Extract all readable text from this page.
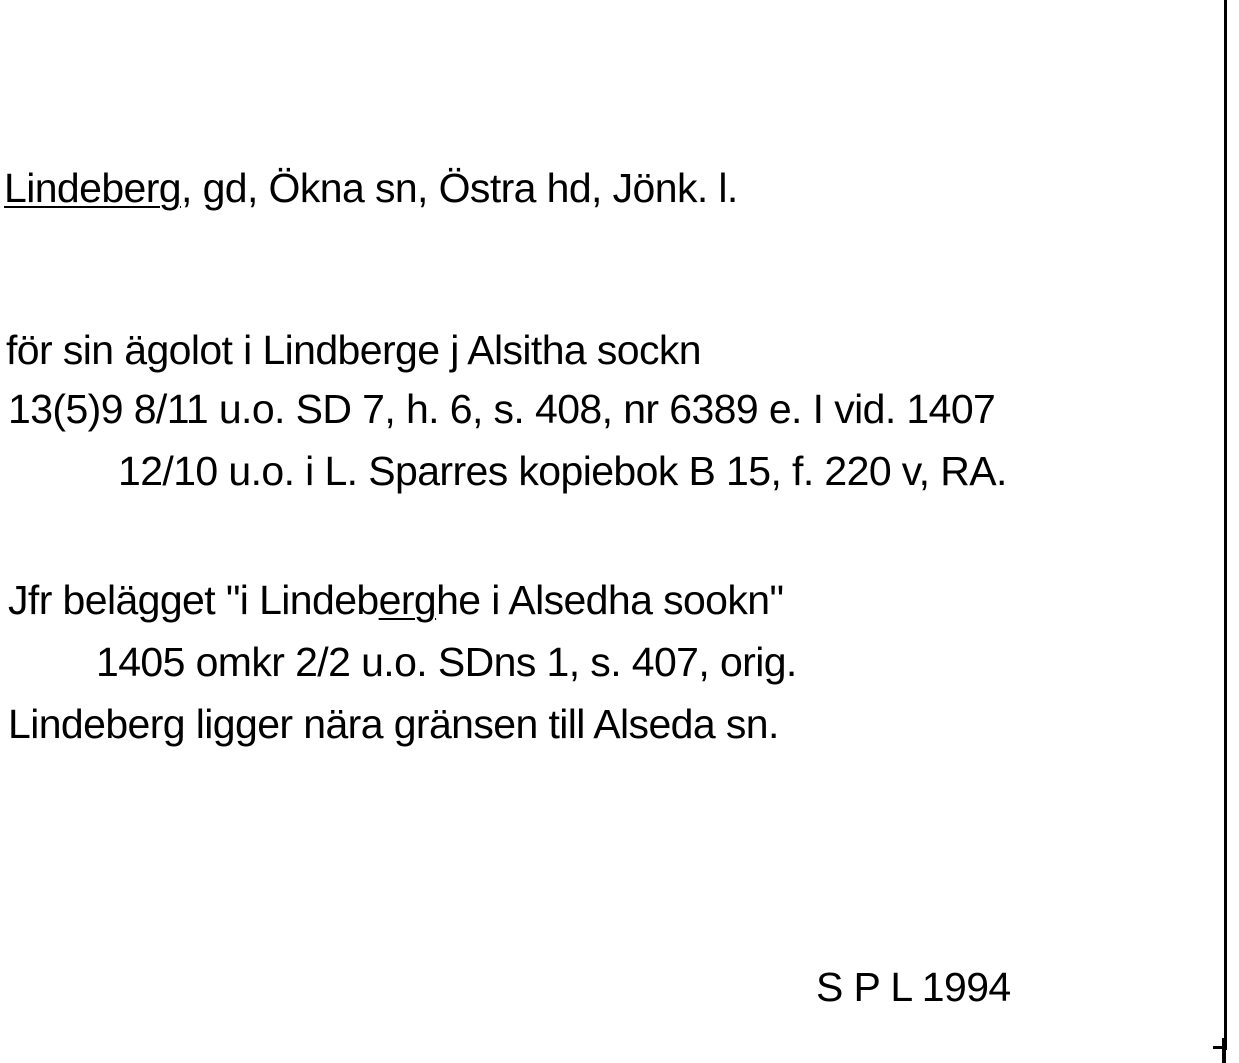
Lindeberg, gd, Ökna sn, Östra hd, Jönk. l.
för sin ägolot i Lindberge j Alsitha sockn
13(5)9 8/11 u.o. SD 7, h. 6, s. 408, nr 6389 e. I vid. 1407
12/10 u.o. i L. Sparres kopiebok B 15, f. 220 v, RA.
Jfr belägget "i Lindeberghe i Alsedha sookn"
1405 omkr 2/2 u.o. SDns 1, s. 407, orig.
Lindeberg ligger nära gränsen till Alseda sn.
S P L 1994
